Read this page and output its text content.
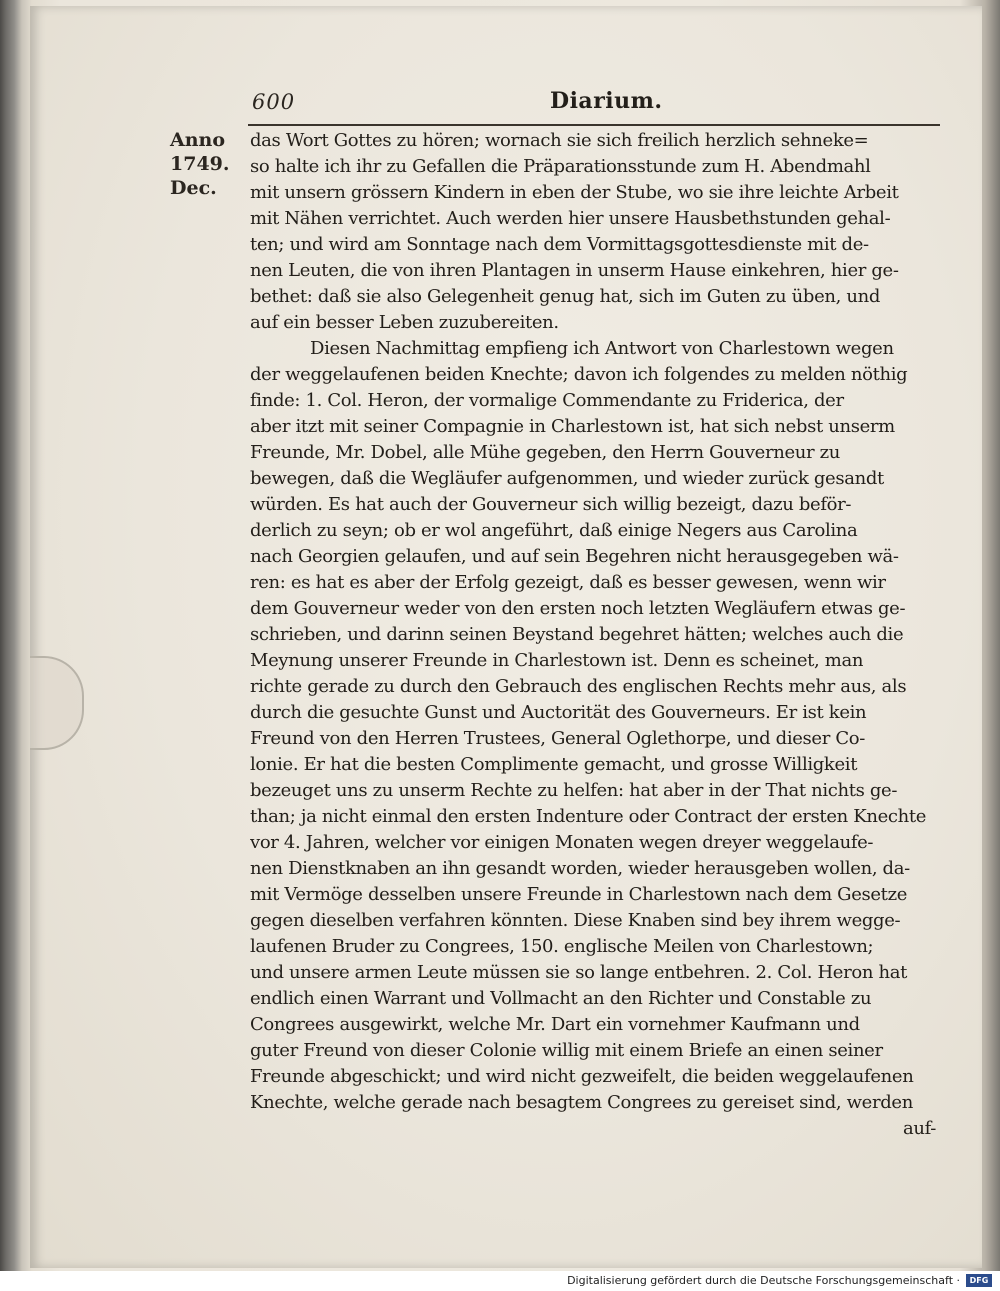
600	Diarium.
Anno
1749.
Dec.
das Wort Gottes zu hören; wornach sie sich freilich herzlich sehneke=
so halte ich ihr zu Gefallen die Präparationsstunde zum H. Abendmahl
mit unsern grössern Kindern in eben der Stube, wo sie ihre leichte Arbeit
mit Nähen verrichtet. Auch werden hier unsere Hausbethstunden gehal-
ten; und wird am Sonntage nach dem Vormittagsgottesdienste mit de-
nen Leuten, die von ihren Plantagen in unserm Hause einkehren, hier ge-
bethet: daß sie also Gelegenheit genug hat, sich im Guten zu üben, und
auf ein besser Leben zuzubereiten.
Diesen Nachmittag empfieng ich Antwort von Charlestown wegen
der weggelaufenen beiden Knechte; davon ich folgendes zu melden nöthig
finde: 1. Col. Heron, der vormalige Commendante zu Friderica, der
aber itzt mit seiner Compagnie in Charlestown ist, hat sich nebst unserm
Freunde, Mr. Dobel, alle Mühe gegeben, den Herrn Gouverneur zu
bewegen, daß die Wegläufer aufgenommen, und wieder zurück gesandt
würden. Es hat auch der Gouverneur sich willig bezeigt, dazu beför-
derlich zu seyn; ob er wol angeführt, daß einige Negers aus Carolina
nach Georgien gelaufen, und auf sein Begehren nicht herausgegeben wä-
ren: es hat es aber der Erfolg gezeigt, daß es besser gewesen, wenn wir
dem Gouverneur weder von den ersten noch letzten Wegläufern etwas ge-
schrieben, und darinn seinen Beystand begehret hätten; welches auch die
Meynung unserer Freunde in Charlestown ist. Denn es scheinet, man
richte gerade zu durch den Gebrauch des englischen Rechts mehr aus, als
durch die gesuchte Gunst und Auctorität des Gouverneurs. Er ist kein
Freund von den Herren Trustees, General Oglethorpe, und dieser Co-
lonie. Er hat die besten Complimente gemacht, und grosse Willigkeit
bezeuget uns zu unserm Rechte zu helfen: hat aber in der That nichts ge-
than; ja nicht einmal den ersten Indenture oder Contract der ersten Knechte
vor 4. Jahren, welcher vor einigen Monaten wegen dreyer weggelaufe-
nen Dienstknaben an ihn gesandt worden, wieder herausgeben wollen, da-
mit Vermöge desselben unsere Freunde in Charlestown nach dem Gesetze
gegen dieselben verfahren könnten. Diese Knaben sind bey ihrem wegge-
laufenen Bruder zu Congrees, 150. englische Meilen von Charlestown;
und unsere armen Leute müssen sie so lange entbehren. 2. Col. Heron hat
endlich einen Warrant und Vollmacht an den Richter und Constable zu
Congrees ausgewirkt, welche Mr. Dart ein vornehmer Kaufmann und
guter Freund von dieser Colonie willig mit einem Briefe an einen seiner
Freunde abgeschickt; und wird nicht gezweifelt, die beiden weggelaufenen
Knechte, welche gerade nach besagtem Congrees zu gereiset sind, werden
auf-
Digitalisierung gefördert durch die Deutsche Forschungsgemeinschaft ·	DFG
